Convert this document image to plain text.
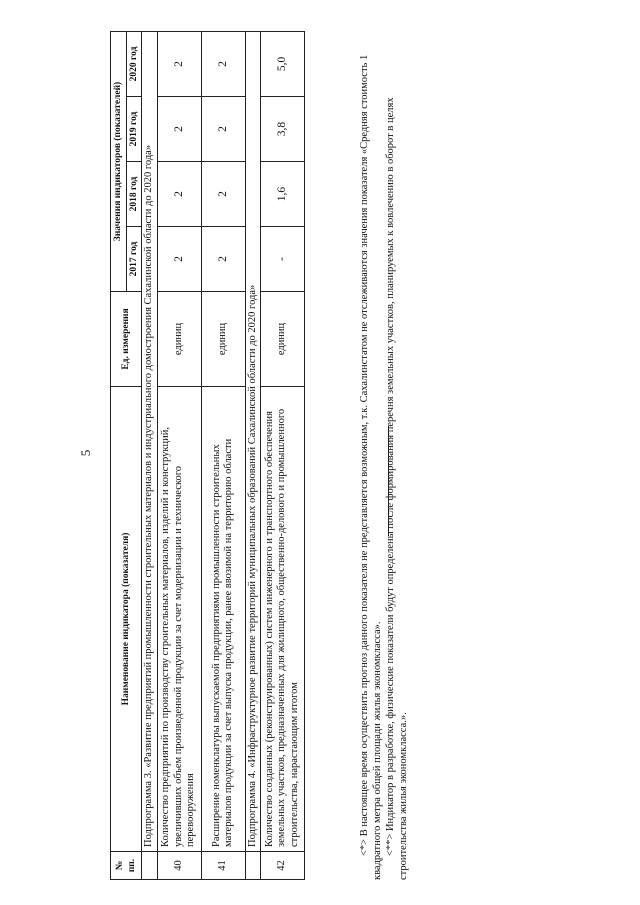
5
№ пп.	Наименование индикатора (показателя)	Ед. измерения	Значения индикаторов (показателей)			
			2017 год	2018 год	2019 год	2020 год
	Подпрограмма 3. «Развитие предприятий промышленности строительных материалов и индустриального домостроения Сахалинской области до 2020 года»					
40	Количество предприятий по производству строительных материалов, изделий и конструкций, увеличивших объем произведенной продукции за счет модернизации и технического перевооружения	единиц	2	2	2	2
41	Расширение номенклатуры выпускаемой предприятиями промышленности строительных материалов продукции за счет выпуска продукции, ранее ввозимой на территорию области	единиц	2	2	2	2
	Подпрограмма 4. «Инфраструктурное развитие территорий муниципальных образований Сахалинской области до 2020 года»					
42	Количество созданных (реконструированных) систем инженерного и транспортного обеспечения земельных участков, предназначенных для жилищного, общественно-делового и промышленного строительства, нарастающим итогом	единиц	-	1,6	3,8	5,0	<*> В настоящее время осуществить прогноз данного показателя не представляется возможным, т.к. Сахалинстатом не отслеживаются значения показателя «Средняя стоимость 1 квадратного метра общей площади жилья экономкласса». <**> Индикатор в разработке, физические показатели будут определены после формирования перечня земельных участков, планируемых к вовлечению в оборот в целях строительства жилья экономкласса.».
